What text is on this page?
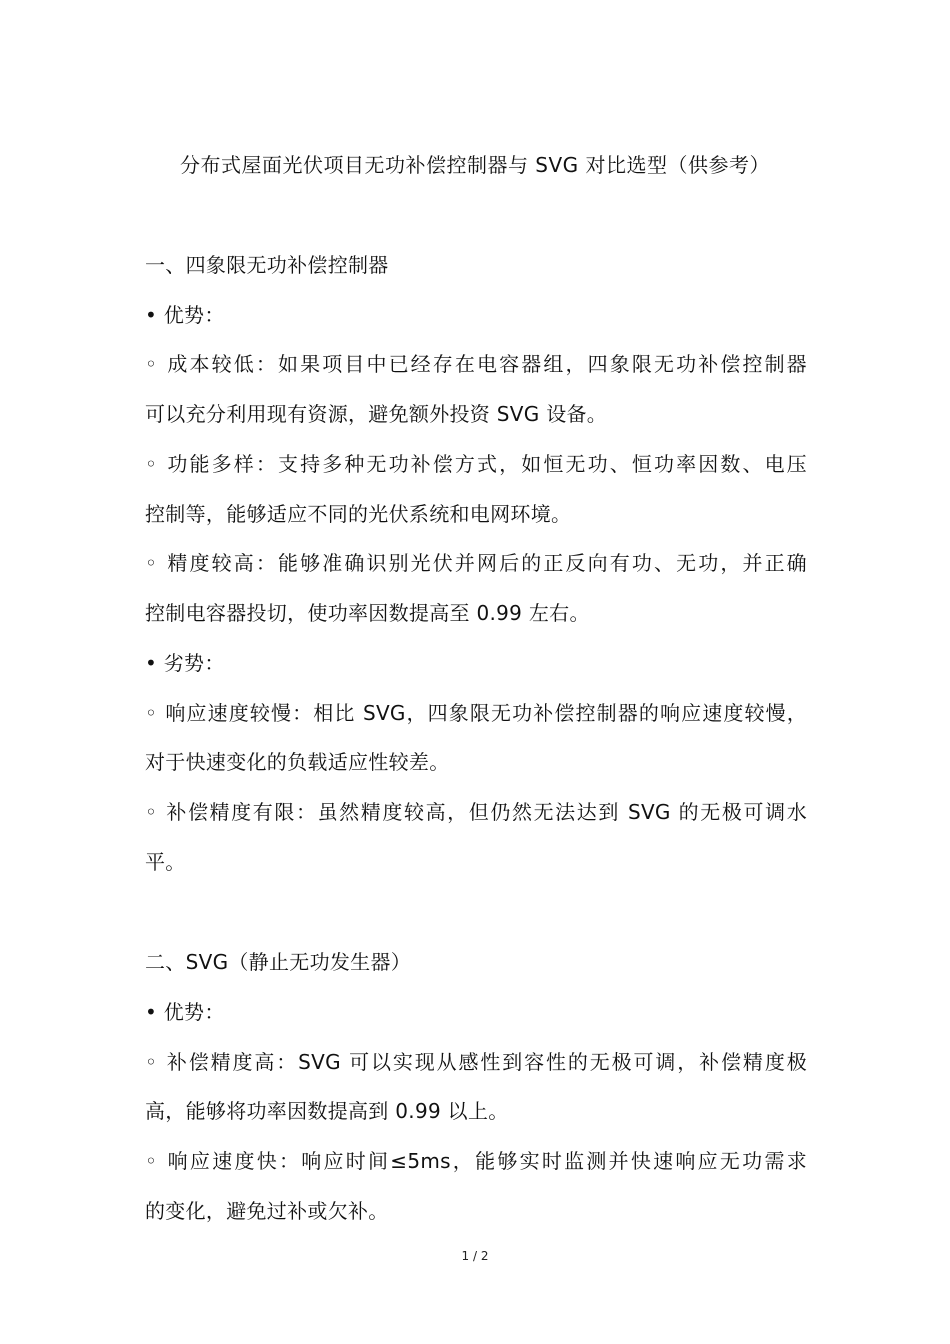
分布式屋面光伏项目无功补偿控制器与 SVG 对比选型（供参考）
一、四象限无功补偿控制器
• 优势：
◦ 成本较低：如果项目中已经存在电容器组，四象限无功补偿控制器
可以充分利用现有资源，避免额外投资 SVG 设备。
◦ 功能多样：支持多种无功补偿方式，如恒无功、恒功率因数、电压
控制等，能够适应不同的光伏系统和电网环境。
◦ 精度较高：能够准确识别光伏并网后的正反向有功、无功，并正确
控制电容器投切，使功率因数提高至 0.99 左右。
• 劣势：
◦ 响应速度较慢：相比 SVG，四象限无功补偿控制器的响应速度较慢，
对于快速变化的负载适应性较差。
◦ 补偿精度有限：虽然精度较高，但仍然无法达到 SVG 的无极可调水
平。
二、SVG（静止无功发生器）
• 优势：
◦ 补偿精度高：SVG 可以实现从感性到容性的无极可调，补偿精度极
高，能够将功率因数提高到 0.99 以上。
◦ 响应速度快：响应时间≤5ms，能够实时监测并快速响应无功需求
的变化，避免过补或欠补。
1 / 2
